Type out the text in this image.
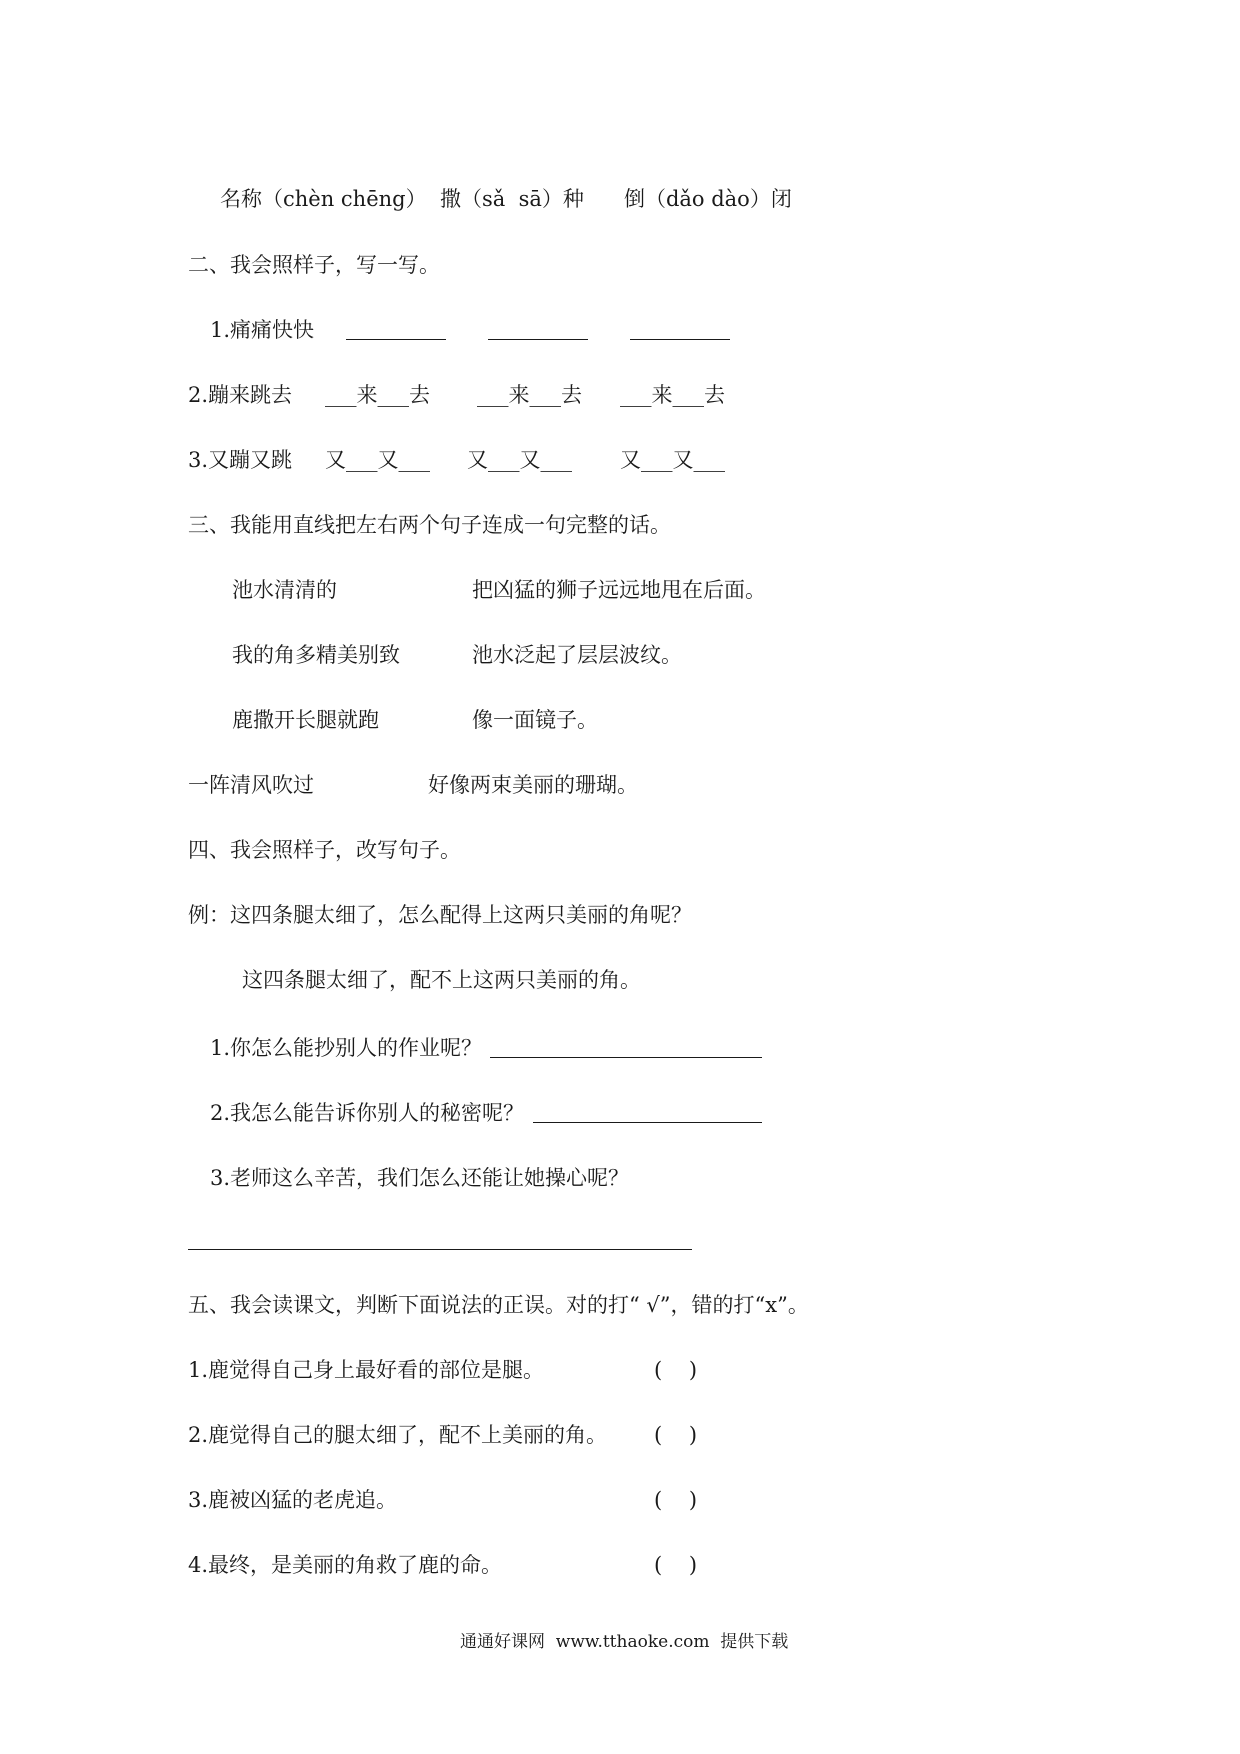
名称（chèn chēng）  撒（sǎ  sā）种      倒（dǎo dào）闭
二、我会照样子，写一写。
1.痛痛快快
2.蹦来跳去 ___来___去 ___来___去 ___来___去
3.又蹦又跳 又___又___ 又___又___ 又___又___
三、我能用直线把左右两个句子连成一句完整的话。
池水清清的	把凶猛的狮子远远地甩在后面。
我的角多精美别致	池水泛起了层层波纹。
鹿撒开长腿就跑	像一面镜子。
一阵清风吹过	好像两束美丽的珊瑚。
四、我会照样子，改写句子。
例：这四条腿太细了，怎么配得上这两只美丽的角呢？
这四条腿太细了，配不上这两只美丽的角。
1.你怎么能抄别人的作业呢？
2.我怎么能告诉你别人的秘密呢？
3.老师这么辛苦，我们怎么还能让她操心呢？
五、我会读课文，判断下面说法的正误。对的打“ √”，错的打“x”。
1.鹿觉得自己身上最好看的部位是腿。	(    )
2.鹿觉得自己的腿太细了，配不上美丽的角。 (    )
3.鹿被凶猛的老虎追。	(    )
4.最终，是美丽的角救了鹿的命。	(    )
通通好课网  www.tthaoke.com  提供下载
